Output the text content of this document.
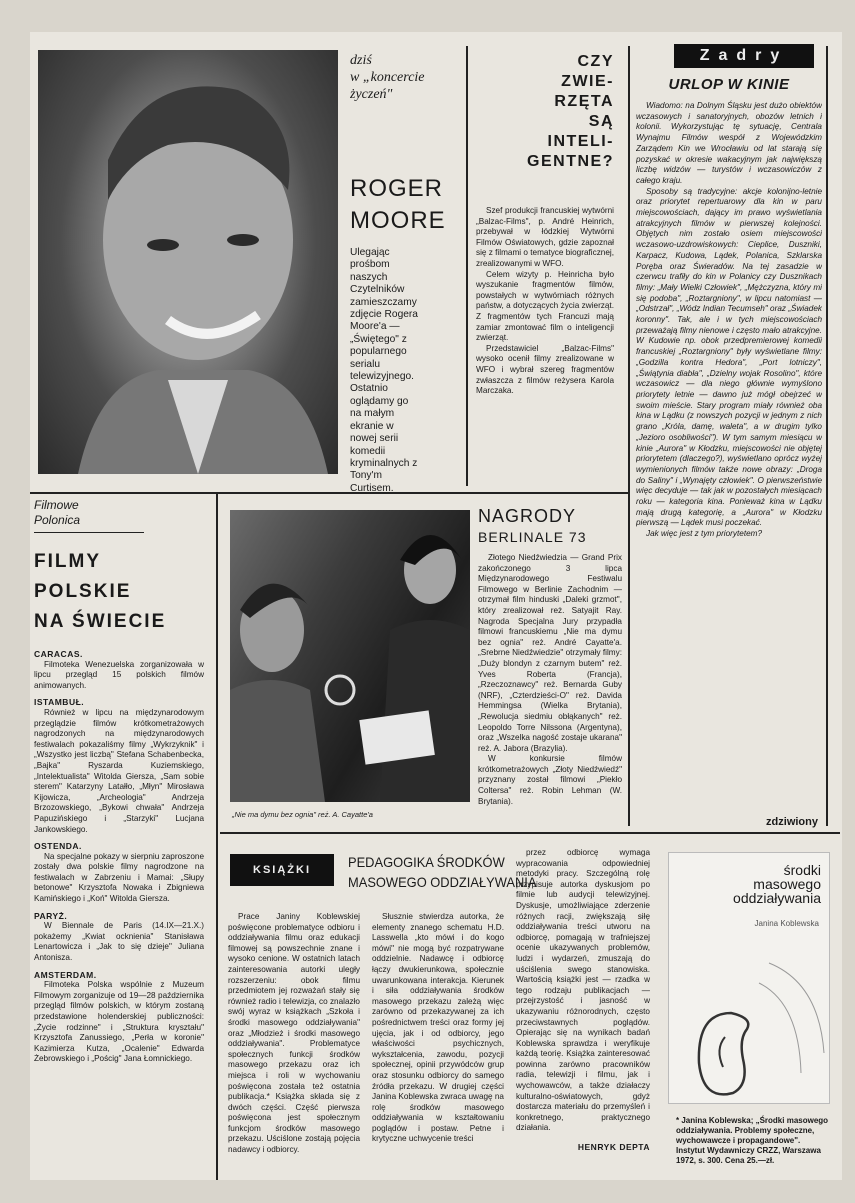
dziś
w „koncercie
życzeń"
ROGER
MOORE
Ulegając prośbom naszych Czytelników zamieszczamy zdjęcie Rogera Moore'a — „Świętego" z popularnego serialu telewizyjnego. Ostatnio oglądamy go na małym ekranie w nowej serii komedii kryminalnych z Tony'm Curtisem.
CZY
ZWIE-
RZĘTA
SĄ
INTELI-
GENTNE?

Szef produkcji francuskiej wytwórni „Balzac-Films", p. André Heinrich, przebywał w łódzkiej Wytwórni Filmów Oświatowych, gdzie zapoznał się z filmami o tematyce biograficznej, zrealizowanymi w WFO.

Celem wizyty p. Heinricha było wyszukanie fragmentów filmów, powstałych w wytwórniach różnych państw, a dotyczących życia zwierząt. Z fragmentów tych Francuzi mają zamiar zmontować film o inteligencji zwierząt.

Przedstawiciel „Balzac-Films" wysoko ocenił filmy zrealizowane w WFO i wybrał szereg fragmentów zwłaszcza z filmów reżysera Karola Marczaka.

Zadry
URLOP W KINIE

Wiadomo: na Dolnym Śląsku jest dużo obiektów wczasowych i sanatoryjnych, obozów letnich i kolonii. Wykorzystując tę sytuację, Centrala Wynajmu Filmów wespół z Wojewódzkim Zarządem Kin we Wrocławiu od lat starają się pozyskać w okresie wakacyjnym jak największą liczbę widzów — turystów i wczasowiczów z całego kraju.

Sposoby są tradycyjne: akcje kolonijno-letnie oraz priorytet repertuarowy dla kin w paru miejscowościach, dający im prawo wyświetlania atrakcyjnych filmów w pierwszej kolejności. Objętych nim zostało osiem miejscowości wczasowo-uzdrowiskowych: Cieplice, Duszniki, Karpacz, Kudowa, Lądek, Polanica, Szklarska Poręba oraz Świeradów. Na tej zasadzie w czerwcu trafiły do kin w Polanicy czy Dusznikach filmy: „Mały Wielki Człowiek", „Mężczyzna, który mi się podoba", „Roztargniony", w lipcu natomiast — „Odstrzał", „Wódz Indian Tecumseh" oraz „Świadek koronny". Tak, ale i w tych miejscowościach przeważają filmy nienowe i często mało atrakcyjne. W Kudowie np. obok przedpremierowej komedii francuskiej „Roztargniony" były wyświetlane filmy: „Godzilla kontra Hedora", „Port lotniczy", „Świątynia diabła", „Dzielny wojak Rosolino", które wczasowicz — dla niego głównie wymyślono priorytety letnie — dawno już mógł obejrzeć w swoim mieście. Stary program miały również oba kina w Lądku (z nowszych pozycji w jednym z nich grano „Króla, damę, waleta", a w drugim tylko „Jezioro osobliwości"). W tym samym miesiącu w kinie „Aurora" w Kłodzku, miejscowości nie objętej priorytetem (dlaczego?), wyświetlano oprócz wyżej wymienionych filmów także nowe obrazy: „Droga do Saliny" i „Wynajęty człowiek". O pierwszeństwie więc decyduje — tak jak w pozostałych miesiącach roku — kategoria kina. Ponieważ kina w Lądku mają drugą kategorię, a „Aurora" w Kłodzku pierwszą — Lądek musi poczekać.

Jak więc jest z tym priorytetem?

zdziwiony
Filmowe
Polonica
FILMY
POLSKIE
NA ŚWIECIE
CARACAS.

Filmoteka Wenezuelska zorganizowała w lipcu przegląd 15 polskich filmów animowanych.

ISTAMBUŁ.

Również w lipcu na międzynarodowym przeglądzie filmów krótkometrażowych nagrodzonych na międzynarodowych festiwalach pokazaliśmy filmy „Wykrzyknik" i „Wszystko jest liczbą" Stefana Schabenbecka, „Bajka" Ryszarda Kuziemskiego, „Intelektualista" Witolda Giersza, „Sam sobie sterem" Katarzyny Latałło, „Młyn" Mirosława Kijowicza, „Archeologia" Andrzeja Brzozowskiego, „Bykowi chwała" Andrzeja Papuzińskiego i „Starzyki" Lucjana Jankowskiego.

OSTENDA.

Na specjalne pokazy w sierpniu zaproszone zostały dwa polskie filmy nagrodzone na festiwalach w Zabrzeniu i Mamai: „Słupy betonowe" Krzysztofa Nowaka i Zbigniewa Kamińskiego i „Koń" Witolda Giersza.

PARYŻ.

W Biennale de Paris (14.IX—21.X.) pokażemy „Kwiat ocknienia" Stanisława Lenartowicza i „Jak to się dzieje" Juliana Antonisza.

AMSTERDAM.

Filmoteka Polska wspólnie z Muzeum Filmowym zorganizuje od 19—28 października przegląd filmów polskich, w którym zostaną przedstawione holenderskiej publiczności: „Życie rodzinne" i „Struktura kryształu" Krzysztofa Zanussiego, „Perła w koronie" Kazimierza Kutza, „Ocalenie" Edwarda Żebrowskiego i „Pościg" Jana Łomnickiego.

„Nie ma dymu bez ognia" reż. A. Cayatte'a
NAGRODY
BERLINALE 73

Złotego Niedźwiedzia — Grand Prix zakończonego 3 lipca Międzynarodowego Festiwalu Filmowego w Berlinie Zachodnim — otrzymał film hinduski „Daleki grzmot", który zrealizował reż. Satyajit Ray. Nagroda Specjalna Jury przypadła filmowi francuskiemu „Nie ma dymu bez ognia" reż. André Cayatte'a. „Srebrne Niedźwiedzie" otrzymały filmy: „Duży blondyn z czarnym butem" reż. Yves Roberta (Francja), „Rzeczoznawcy" reż. Bernarda Guby (NRF), „Czterdzieści-O" reż. Davida Hemmingsa (Wielka Brytania), „Rewolucja siedmiu obłąkanych" reż. Leopoldo Torre Nilssona (Argentyna), oraz „Wszelka nagość zostaje ukarana" reż. A. Jabora (Brazylia).

W konkursie filmów krótkometrażowych „Złoty Niedźwiedź" przyznany został filmowi „Piekło Coltersa" reż. Robin Lehman (W. Brytania).

KSIĄŻKI	PEDAGOGIKA ŚRODKÓW
MASOWEGO ODDZIAŁYWANIA

Prace Janiny Koblewskiej poświęcone problematyce odbioru i oddziaływania filmu oraz edukacji filmowej są powszechnie znane i wysoko cenione. W ostatnich latach zainteresowania autorki uległy rozszerzeniu: obok filmu przedmiotem jej rozważań stały się również radio i telewizja, co znalazło swój wyraz w książkach „Szkoła i środki masowego oddziaływania" oraz „Młodzież i środki masowego oddziaływania". Problematyce społecznych funkcji środków masowego przekazu oraz ich miejsca i roli w wychowaniu poświęcona została też ostatnia publikacja.* Książka składa się z dwóch części. Część pierwsza poświęcona jest społecznym funkcjom środków masowego przekazu. Uściślone zostają pojęcia nadawcy i odbiorcy.

Słusznie stwierdza autorka, że elementy znanego schematu H.D. Lasswella „kto mówi i do kogo mówi" nie mogą być rozpatrywane oddzielnie. Nadawcę i odbiorcę łączy dwukierunkowa, społecznie uwarunkowana interakcja. Kierunek i siła oddziaływania środków masowego przekazu zależą więc zarówno od przekazywanej za ich pośrednictwem treści oraz formy jej ujęcia, jak i od odbiorcy, jego właściwości psychicznych, wykształcenia, zawodu, pozycji społecznej, opinii przywódców grup oraz stosunku odbiorcy do samego źródła przekazu. W drugiej części Janina Koblewska zwraca uwagę na rolę środków masowego oddziaływania w kształtowaniu poglądów i postaw. Petne i krytyczne uchwycenie treści

przez odbiorcę wymaga wypracowania odpowiedniej metodyki pracy. Szczególną rolę przypisuje autorka dyskusjom po filmie lub audycji telewizyjnej. Dyskusje, umożliwiające zderzenie różnych racji, zwiększają siłę oddziaływania treści utworu na odbiorcę, pomagają w trafniejszej ocenie ukazywanych problemów, ludzi i wydarzeń, zmuszają do uściślenia swego stanowiska. Wartością książki jest — rzadka w tego rodzaju publikacjach — przejrzystość i jasność w ukazywaniu różnorodnych, często przeciwstawnych poglądów. Opierając się na wynikach badań Koblewska sprawdza i weryfikuje każdą teorię. Książka zainteresować powinna zarówno pracowników radia, telewizji i filmu, jak i wychowawców, a także działaczy kulturalno-oświatowych, gdyż dostarcza materiału do przemyśleń i konkretnego, praktycznego działania.

HENRYK DEPTA
środki
masowego
oddziaływania
Janina Koblewska
* Janina Koblewska; „Środki masowego oddziaływania. Problemy społeczne, wychowawcze i propagandowe". Instytut Wydawniczy CRZZ, Warszawa 1972, s. 300. Cena 25.—zł.
